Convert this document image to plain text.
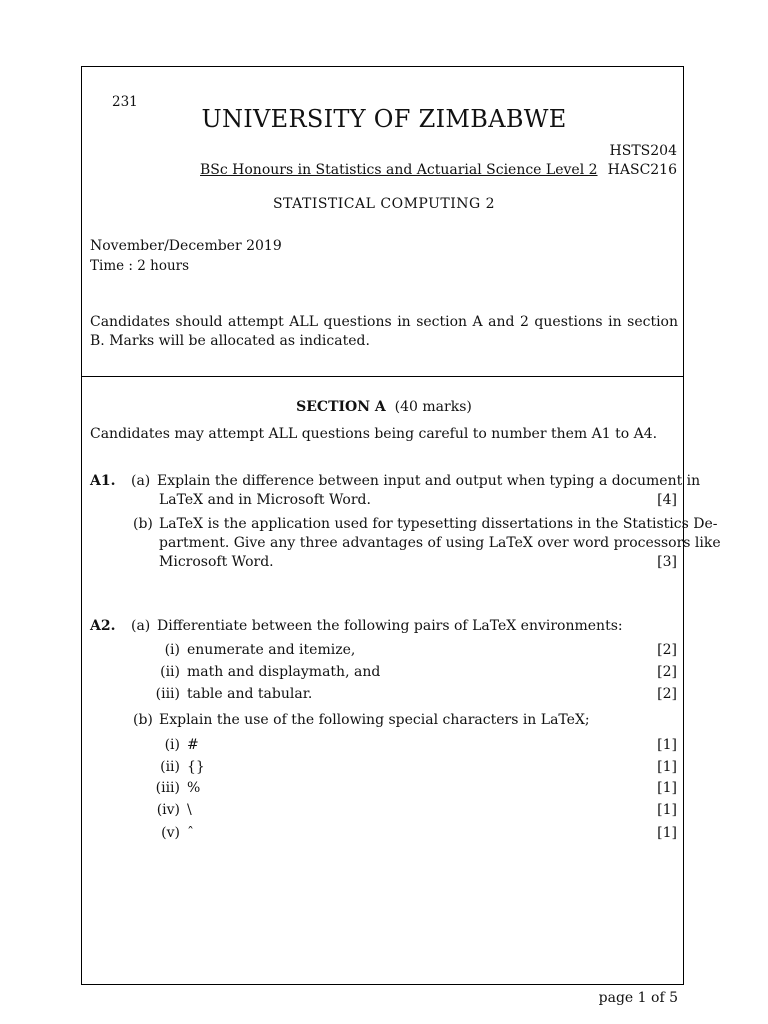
231
UNIVERSITY OF ZIMBABWE
HSTS204
BSc Honours in Statistics and Actuarial Science Level 2 HASC216
STATISTICAL COMPUTING 2
November/December 2019
Time : 2 hours
Candidates should attempt ALL questions in section A and 2 questions in section B. Marks will be allocated as indicated.
SECTION A (40 marks)
Candidates may attempt ALL questions being careful to number them A1 to A4.
A1. (a) Explain the difference between input and output when typing a document in
LaTeX and in Microsoft Word.	[4]
(b) LaTeX is the application used for typesetting dissertations in the Statistics De-
partment. Give any three advantages of using LaTeX over word processors like
Microsoft Word.	[3]
A2. (a) Differentiate between the following pairs of LaTeX environments:
(i) enumerate and itemize,	[2]
(ii) math and displaymath, and	[2]
(iii) table and tabular.	[2]
(b) Explain the use of the following special characters in LaTeX;
(i) #	[1]
(ii) {}	[1]
(iii) %	[1]
(iv) \	[1]
(v) ˆ	[1]
page 1 of 5
